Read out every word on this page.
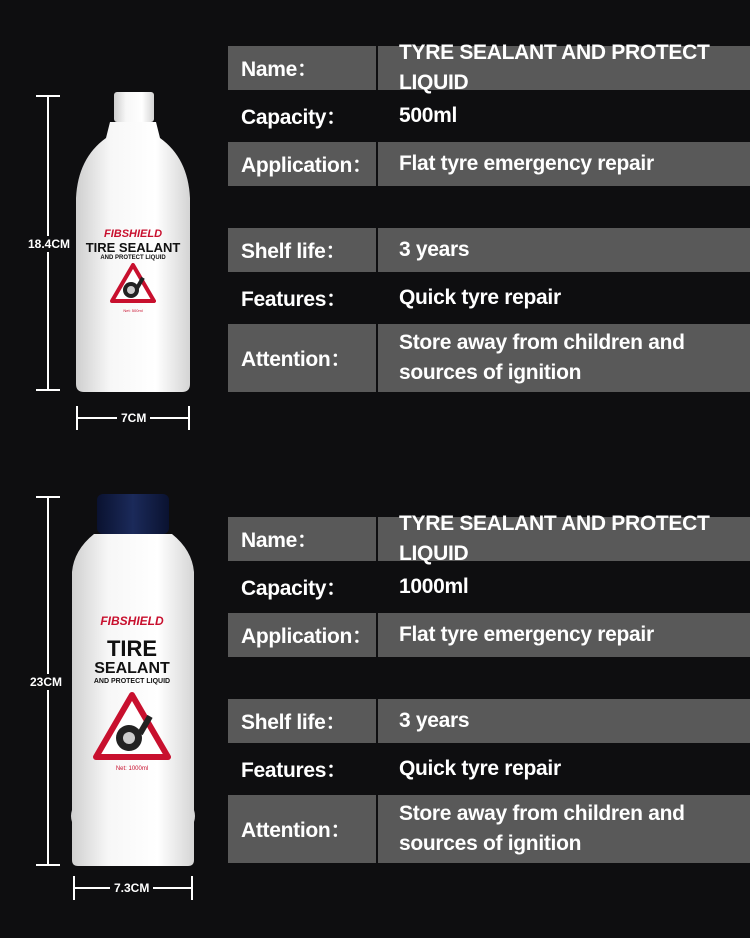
18.4CM
7CM
FIBSHIELD
TIRE SEALANT
AND PROTECT LIQUID
Net: 500ml
Name：
TYRE SEALANT AND PROTECT LIQUID
Capacity：	500ml
Application：	Flat tyre emergency repair
Shelf life：	3 years
Features：	Quick tyre repair
Attention：
Store away from children and
sources of ignition
23CM
7.3CM
FIBSHIELD
TIRE
SEALANT
AND PROTECT LIQUID
Net: 1000ml
Name：
TYRE SEALANT AND PROTECT LIQUID
Capacity：	1000ml
Application：	Flat tyre emergency repair
Shelf life：	3 years
Features：	Quick tyre repair
Attention：
Store away from children and
sources of ignition
